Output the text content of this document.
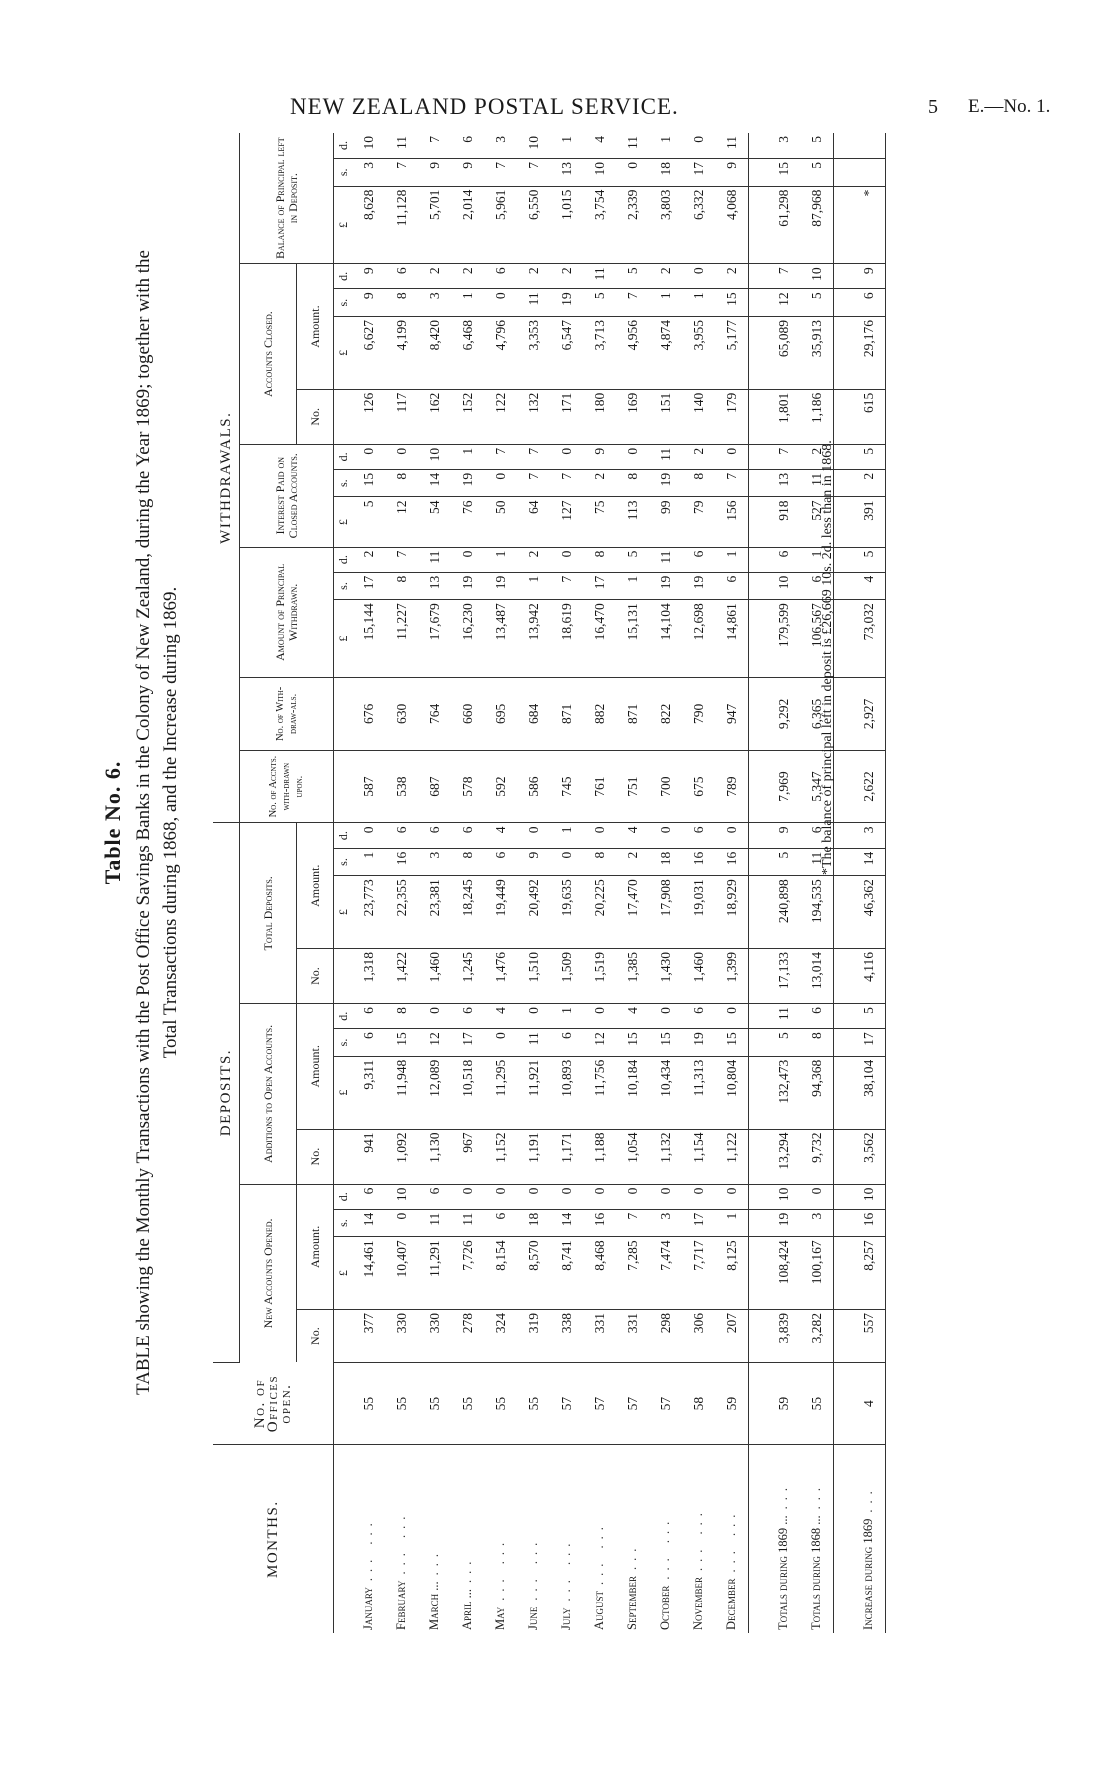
NEW ZEALAND POSTAL SERVICE.	5 E.—No. 1.
Table No. 6. TABLE showing the Monthly Transactions with the Post Office Savings Banks in the Colony of New Zealand, during the Year 1869; together with the Total Transactions during 1868, and the Increase during 1869.
MONTHS.	No. of Offices open.	DEPOSITS.												WITHDRAWALS.														
		New Accounts Opened.				Additions to Open Accounts.				Total Deposits.				No. of Accnts. with-drawn upon.	No. of With-draw-als.	Amount of Principal Withdrawn.			Interest Paid on Closed Accounts.			Accounts Closed.				Balance of Principal left in Deposit.		
		No.	Amount.			No.	Amount.			No.	Amount.											No.	Amount.					
			£	s.	d.		£	s.	d.		£	s.	d.			£	s.	d.	£	s.	d.		£	s.	d.	£	s.	d.
January... ...	55	377	14,461	14	6	941	9,311	6	6	1,318	23,773	1	0	587	676	15,144	17	2	5	15	0	126	6,627	9	9	8,628	3	10
February... ...	55	330	10,407	0	10	1,092	11,948	15	8	1,422	22,355	16	6	538	630	11,227	8	7	12	8	0	117	4,199	8	6	11,128	7	11
March ......	55	330	11,291	11	6	1,130	12,089	12	0	1,460	23,381	3	6	687	764	17,679	13	11	54	14	10	162	8,420	3	2	5,701	9	7
April ......	55	278	7,726	11	0	967	10,518	17	6	1,245	18,245	8	6	578	660	16,230	19	0	76	19	1	152	6,468	1	2	2,014	9	6
May... ...	55	324	8,154	6	0	1,152	11,295	0	4	1,476	19,449	6	4	592	695	13,487	19	1	50	0	7	122	4,796	0	6	5,961	7	3
June... ...	55	319	8,570	18	0	1,191	11,921	11	0	1,510	20,492	9	0	586	684	13,942	1	2	64	7	7	132	3,353	11	2	6,550	7	10
July... ...	57	338	8,741	14	0	1,171	10,893	6	1	1,509	19,635	0	1	745	871	18,619	7	0	127	7	0	171	6,547	19	2	1,015	13	1
August... ...	57	331	8,468	16	0	1,188	11,756	12	0	1,519	20,225	8	0	761	882	16,470	17	8	75	2	9	180	3,713	5	11	3,754	10	4
September...	57	331	7,285	7	0	1,054	10,184	15	4	1,385	17,470	2	4	751	871	15,131	1	5	113	8	0	169	4,956	7	5	2,339	0	11
October... ...	57	298	7,474	3	0	1,132	10,434	15	0	1,430	17,908	18	0	700	822	14,104	19	11	99	19	11	151	4,874	1	2	3,803	18	1
November... ...	58	306	7,717	17	0	1,154	11,313	19	6	1,460	19,031	16	6	675	790	12,698	19	6	79	8	2	140	3,955	1	0	6,332	17	0
December... ...	59	207	8,125	1	0	1,122	10,804	15	0	1,399	18,929	16	0	789	947	14,861	6	1	156	7	0	179	5,177	15	2	4,068	9	11

Totals during 1869 ......	59	3,839	108,424	19	10	13,294	132,473	5	11	17,133	240,898	5	9	7,969	9,292	179,599	10	6	918	13	7	1,801	65,089	12	7	61,298	15	3
Totals during 1868 ......	55	3,282	100,167	3	0	9,732	94,368	8	6	13,014	194,535	11	6	5,347	6,365	106,567	6	1	527	11	2	1,186	35,913	5	10	87,968	5	5

Increase during 1869...	4	557	8,257	16	10	3,562	38,104	17	5	4,116	46,362	14	3	2,622	2,927	73,032	4	5	391	2	5	615	29,176	6	9	*		
*The balance of principal left in deposit is £26,669 10s. 2d. less than in 1868.
